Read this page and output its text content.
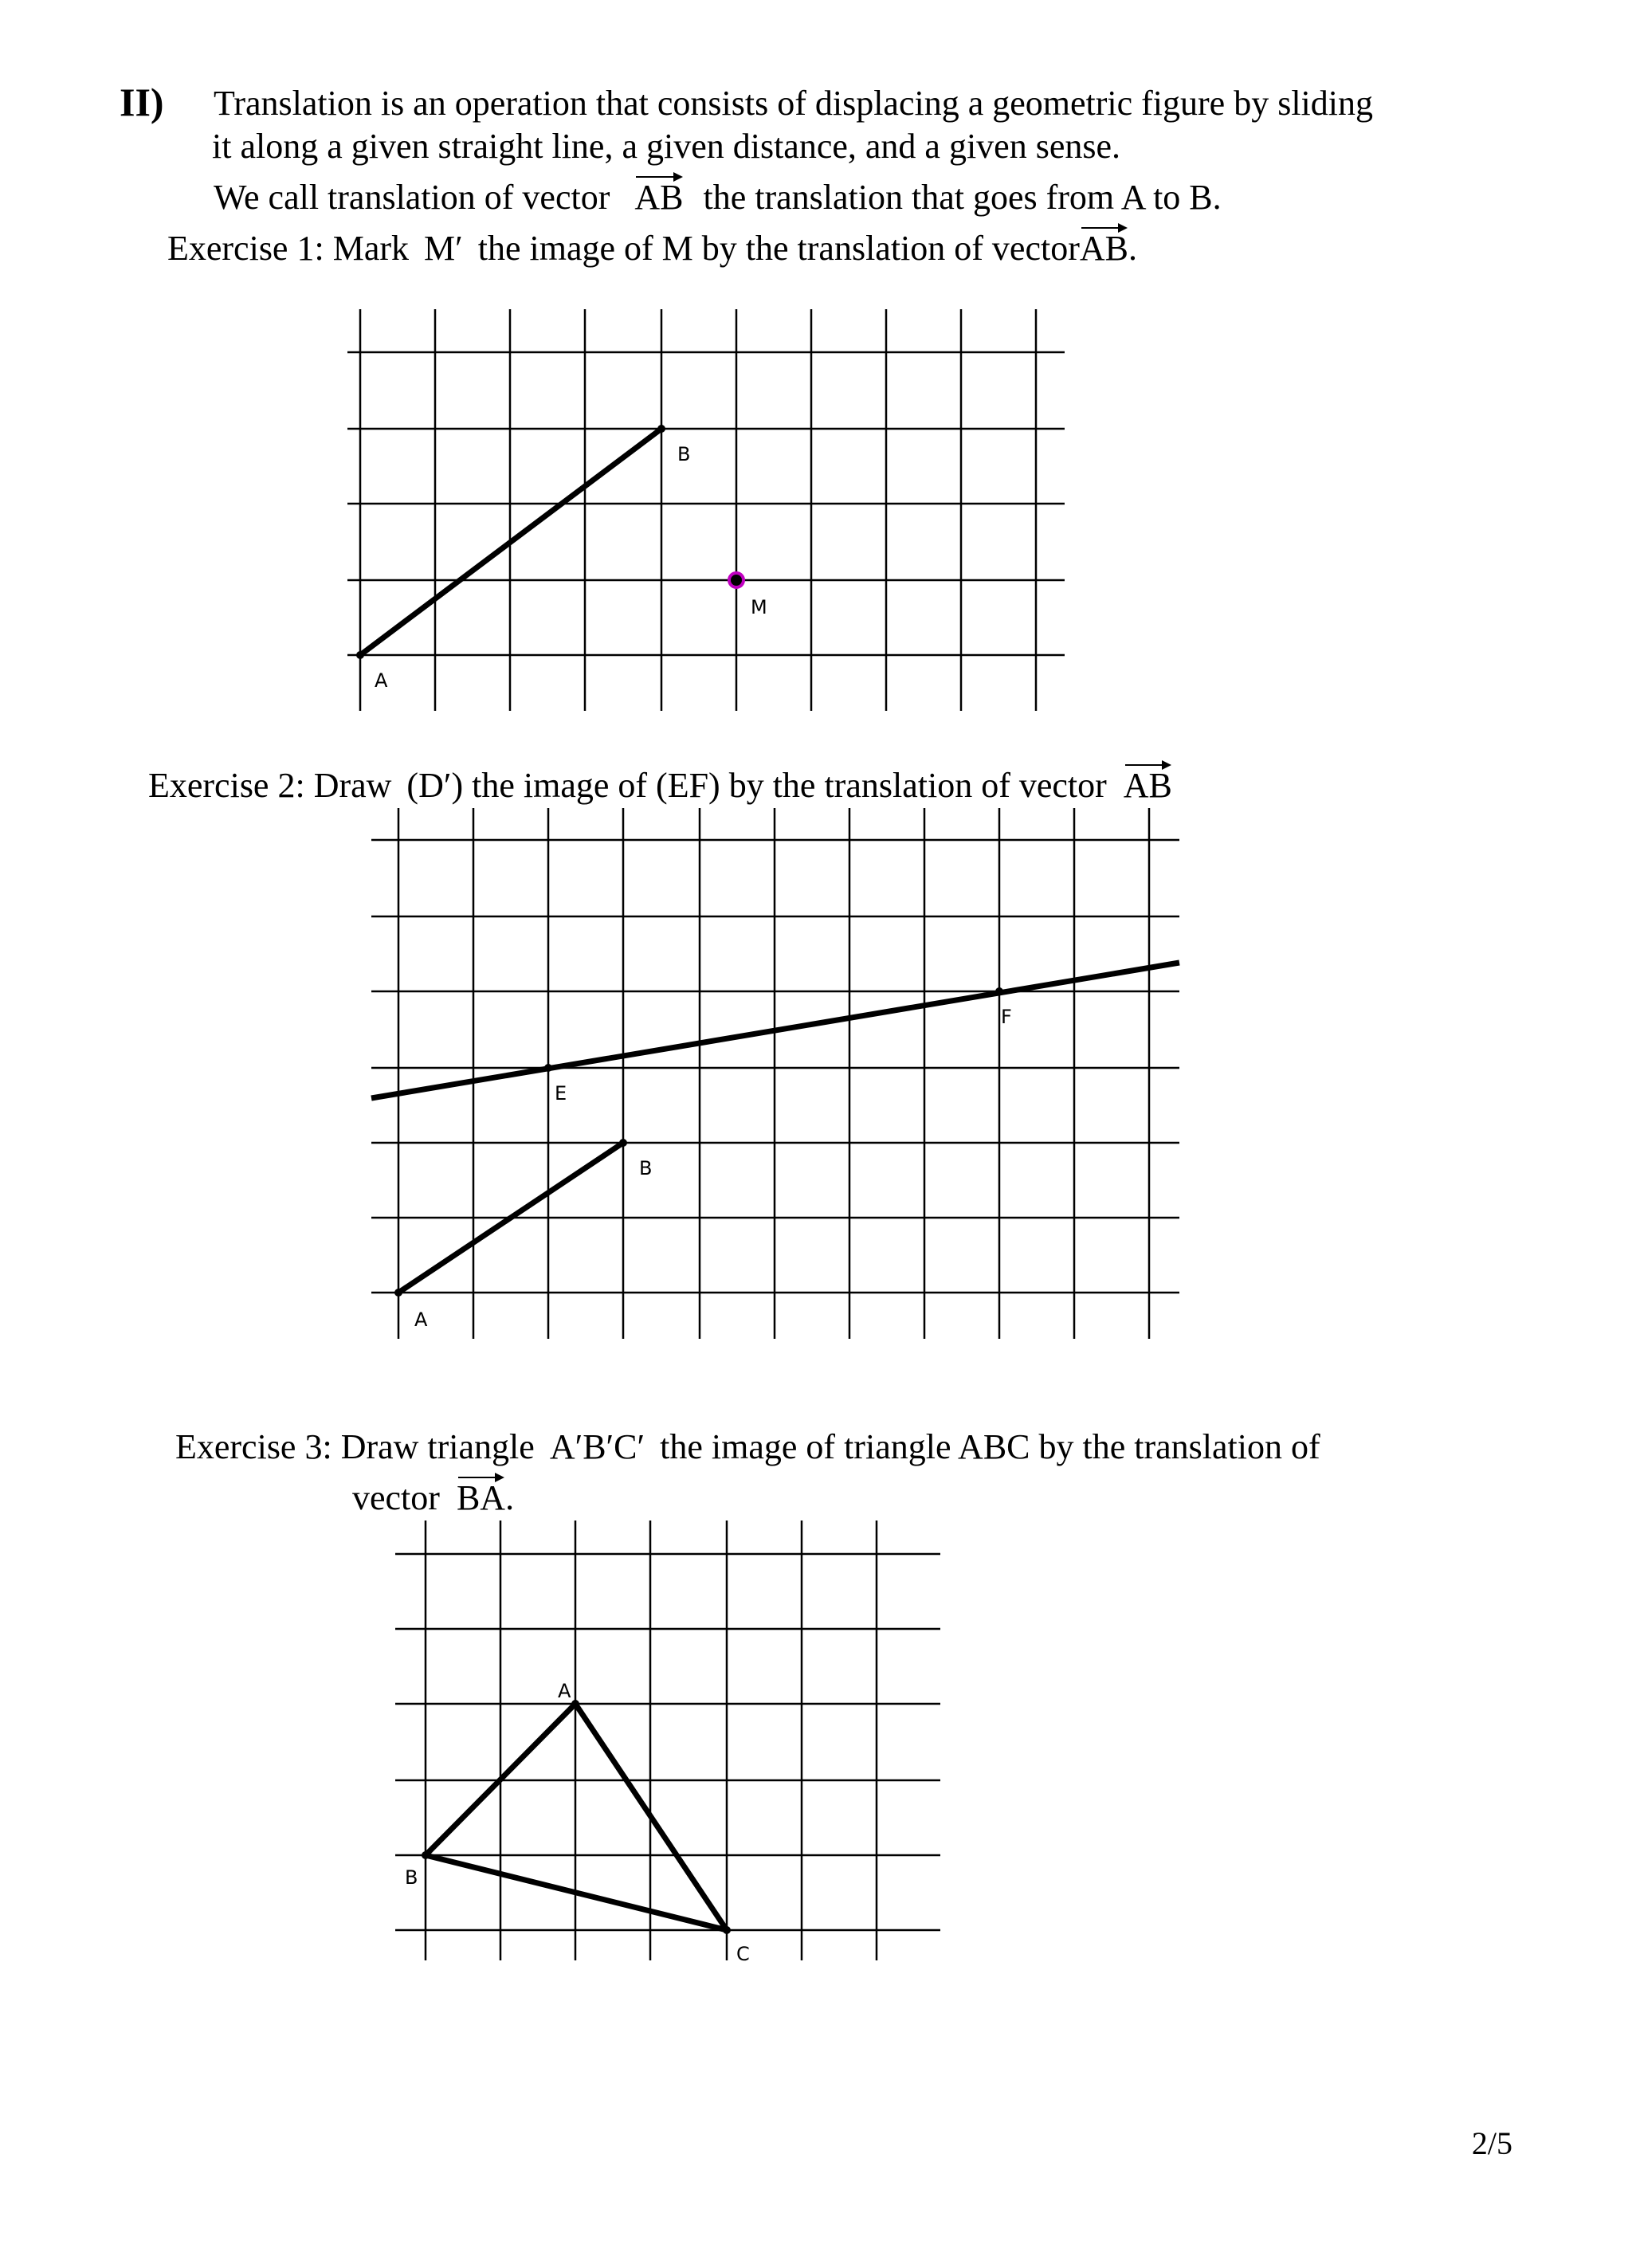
II) Translation is an operation that consists of displacing a geometric figure by sliding
it along a given straight line, a given distance, and a given sense.
We call translation of vector AB the translation that goes from A to B.
Exercise 1: Mark M′ the image of M by the translation of vectorAB.
A
B
M
Exercise 2: Draw (D′) the image of (EF) by the translation of vector AB
A
B
E
F
Exercise 3: Draw triangle A′B′C′ the image of triangle ABC by the translation of
vector BA.
A
B
C
2/5
